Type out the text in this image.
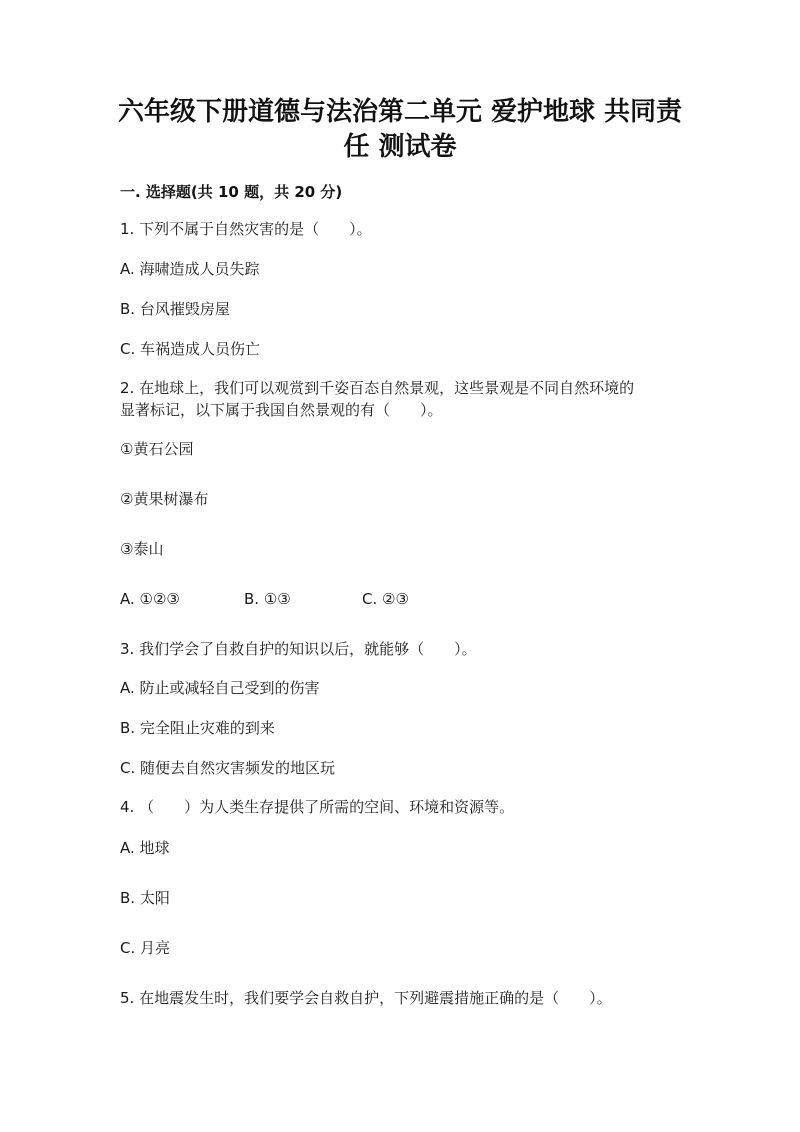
六年级下册道德与法治第二单元 爱护地球 共同责
任 测试卷
一. 选择题(共 10 题，共 20 分)
1. 下列不属于自然灾害的是（　　）。
A. 海啸造成人员失踪
B. 台风摧毁房屋
C. 车祸造成人员伤亡
2. 在地球上，我们可以观赏到千姿百态自然景观，这些景观是不同自然环境的
显著标记，以下属于我国自然景观的有（　　）。
①黄石公园
②黄果树瀑布
③泰山
A. ①②③	B. ①③	C. ②③
3. 我们学会了自救自护的知识以后，就能够（　　）。
A. 防止或减轻自己受到的伤害
B. 完全阻止灾难的到来
C. 随便去自然灾害频发的地区玩
4. （　　）为人类生存提供了所需的空间、环境和资源等。
A. 地球
B. 太阳
C. 月亮
5. 在地震发生时，我们要学会自救自护，下列避震措施正确的是（　　）。
